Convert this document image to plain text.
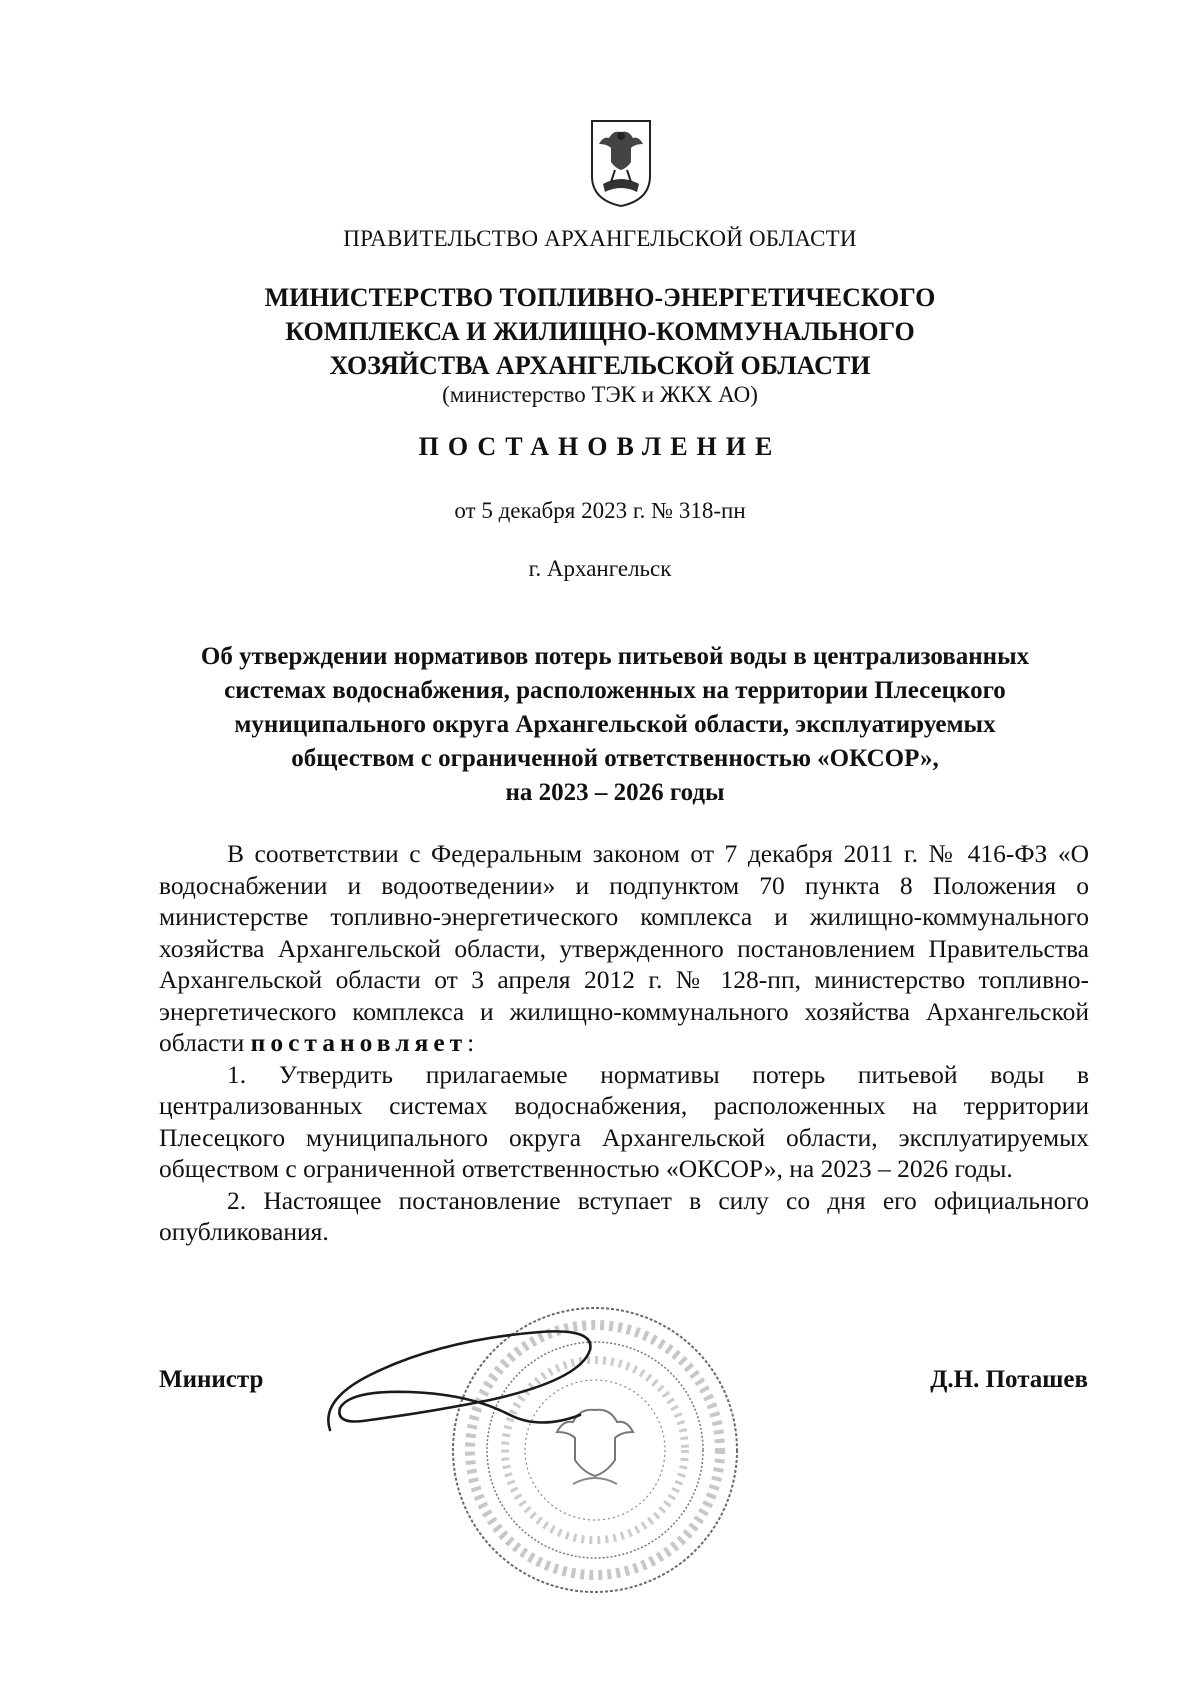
ПРАВИТЕЛЬСТВО АРХАНГЕЛЬСКОЙ ОБЛАСТИ
МИНИСТЕРСТВО ТОПЛИВНО-ЭНЕРГЕТИЧЕСКОГО
КОМПЛЕКСА И ЖИЛИЩНО-КОММУНАЛЬНОГО
ХОЗЯЙСТВА АРХАНГЕЛЬСКОЙ ОБЛАСТИ
(министерство ТЭК и ЖКХ АО)
ПОСТАНОВЛЕНИЕ
от 5 декабря 2023 г. № 318-пн
г. Архангельск
Об утверждении нормативов потерь питьевой воды в централизованных
системах водоснабжения, расположенных на территории Плесецкого
муниципального округа Архангельской области, эксплуатируемых
обществом с ограниченной ответственностью «ОКСОР»,
на 2023 – 2026 годы

В соответствии с Федеральным законом от 7 декабря 2011 г. № 416-ФЗ «О водоснабжении и водоотведении» и подпунктом 70 пункта 8 Положения о министерстве топливно-энергетического комплекса и жилищно-коммунального хозяйства Архангельской области, утвержденного постановлением Правительства Архангельской области от 3 апреля 2012 г. № 128-пп, министерство топливно-энергетического комплекса и жилищно-коммунального хозяйства Архангельской области постановляет:

1. Утвердить прилагаемые нормативы потерь питьевой воды в централизованных системах водоснабжения, расположенных на территории Плесецкого муниципального округа Архангельской области, эксплуатируемых обществом с ограниченной ответственностью «ОКСОР», на 2023 – 2026 годы.

2. Настоящее постановление вступает в силу со дня его официального опубликования.

Министр	Д.Н. Поташев
